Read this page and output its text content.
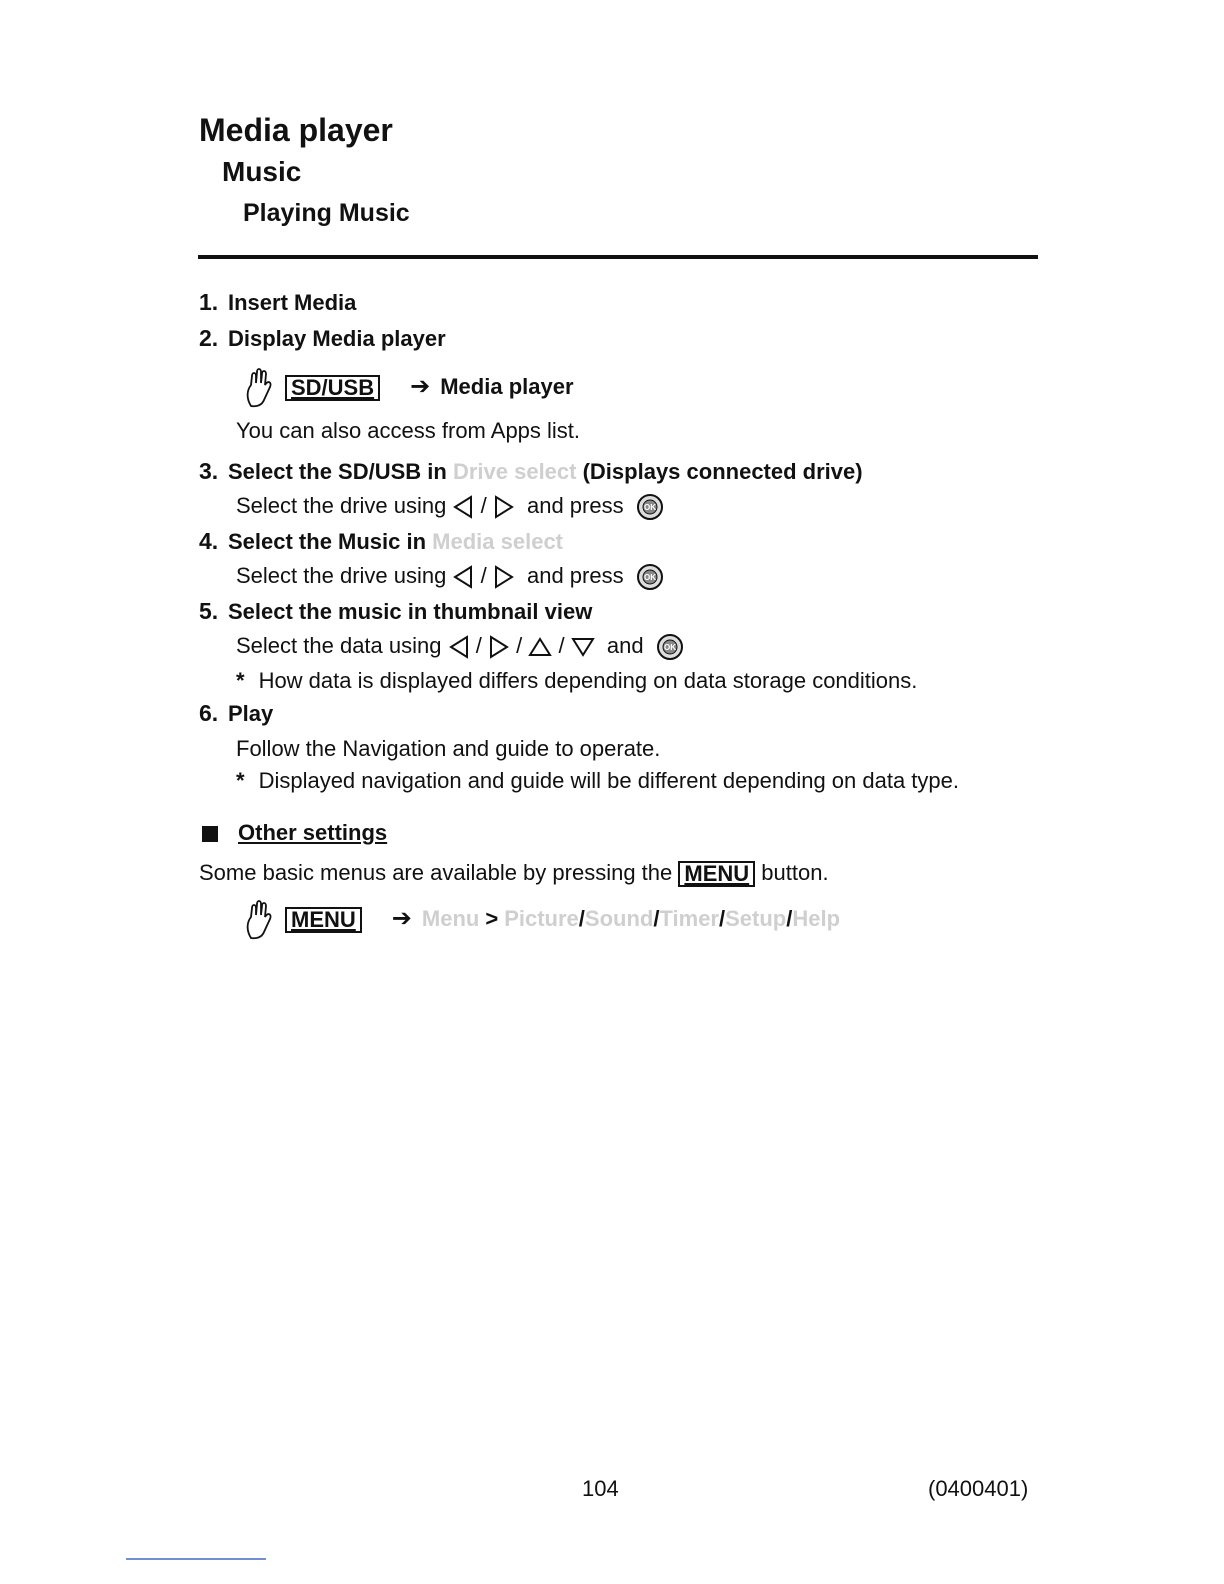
Media player
Music
Playing Music
1. Insert Media
2. Display Media player
SD/USB ➔ Media player
You can also access from Apps list.
3. Select the SD/USB in Drive select (Displays connected drive)
Select the drive using / and press	OK
4. Select the Music in Media select
Select the drive using / and press	OK
5. Select the music in thumbnail view
Select the data using / / / and	OK
* How data is displayed differs depending on data storage conditions.
6. Play
Follow the Navigation and guide to operate.
* Displayed navigation and guide will be different depending on data type.
Other settings
Some basic menus are available by pressing the MENU button.
MENU ➔ Menu > Picture/Sound/Timer/Setup/Help
104	(0400401)
